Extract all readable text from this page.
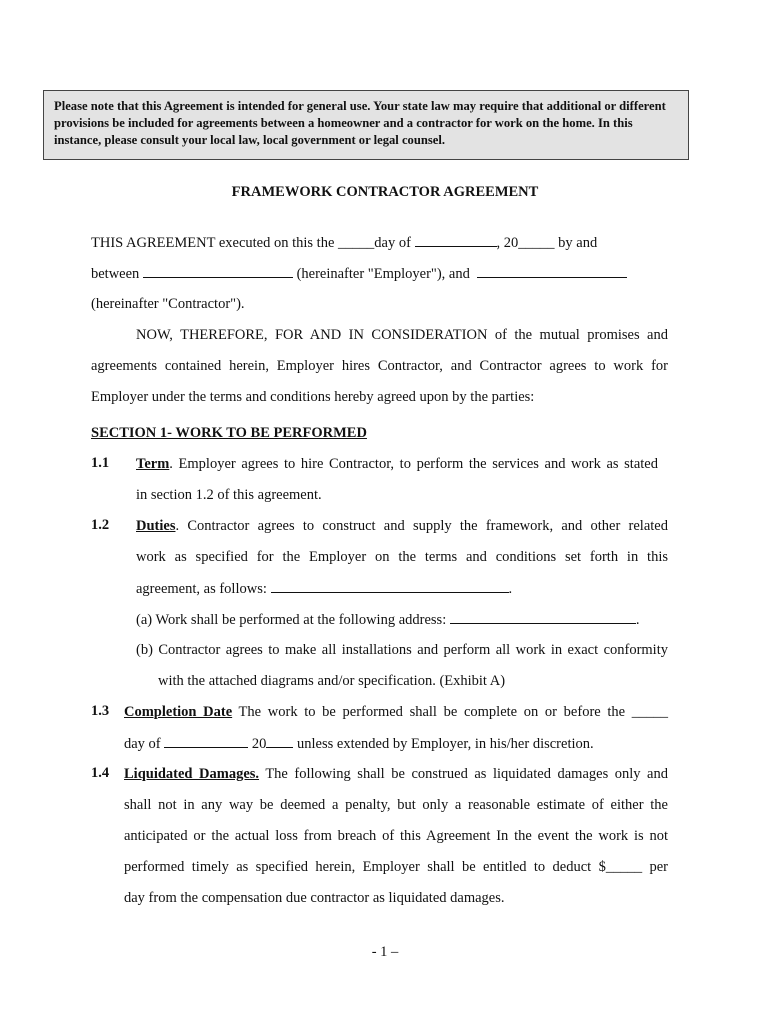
Please note that this Agreement is intended for general use. Your state law may require that additional or different provisions be included for agreements between a homeowner and a contractor for work on the home. In this instance, please consult your local law, local government or legal counsel.
FRAMEWORK CONTRACTOR AGREEMENT
THIS AGREEMENT executed on this the _____day of	, 20_____ by and
between	(hereinafter "Employer"), and
(hereinafter "Contractor").
NOW, THEREFORE, FOR AND IN CONSIDERATION of the mutual promises and
agreements contained herein, Employer hires Contractor, and Contractor agrees to work for
Employer under the terms and conditions hereby agreed upon by the parties:
SECTION 1- WORK TO BE PERFORMED
1.1 Term. Employer agrees to hire Contractor, to perform the services and work as stated
in section 1.2 of this agreement.
1.2 Duties. Contractor agrees to construct and supply the framework, and other related
work as specified for the Employer on the terms and conditions set forth in this
agreement, as follows:	.
(a) Work shall be performed at the following address:	.
(b) Contractor agrees to make all installations and perform all work in exact conformity
with the attached diagrams and/or specification. (Exhibit A)
1.3 Completion Date The work to be performed shall be complete on or before the _____
day of	20 unless extended by Employer, in his/her discretion.
1.4 Liquidated Damages. The following shall be construed as liquidated damages only and
shall not in any way be deemed a penalty, but only a reasonable estimate of either the
anticipated or the actual loss from breach of this Agreement In the event the work is not
performed timely as specified herein, Employer shall be entitled to deduct $_____ per
day from the compensation due contractor as liquidated damages.
- 1 –
